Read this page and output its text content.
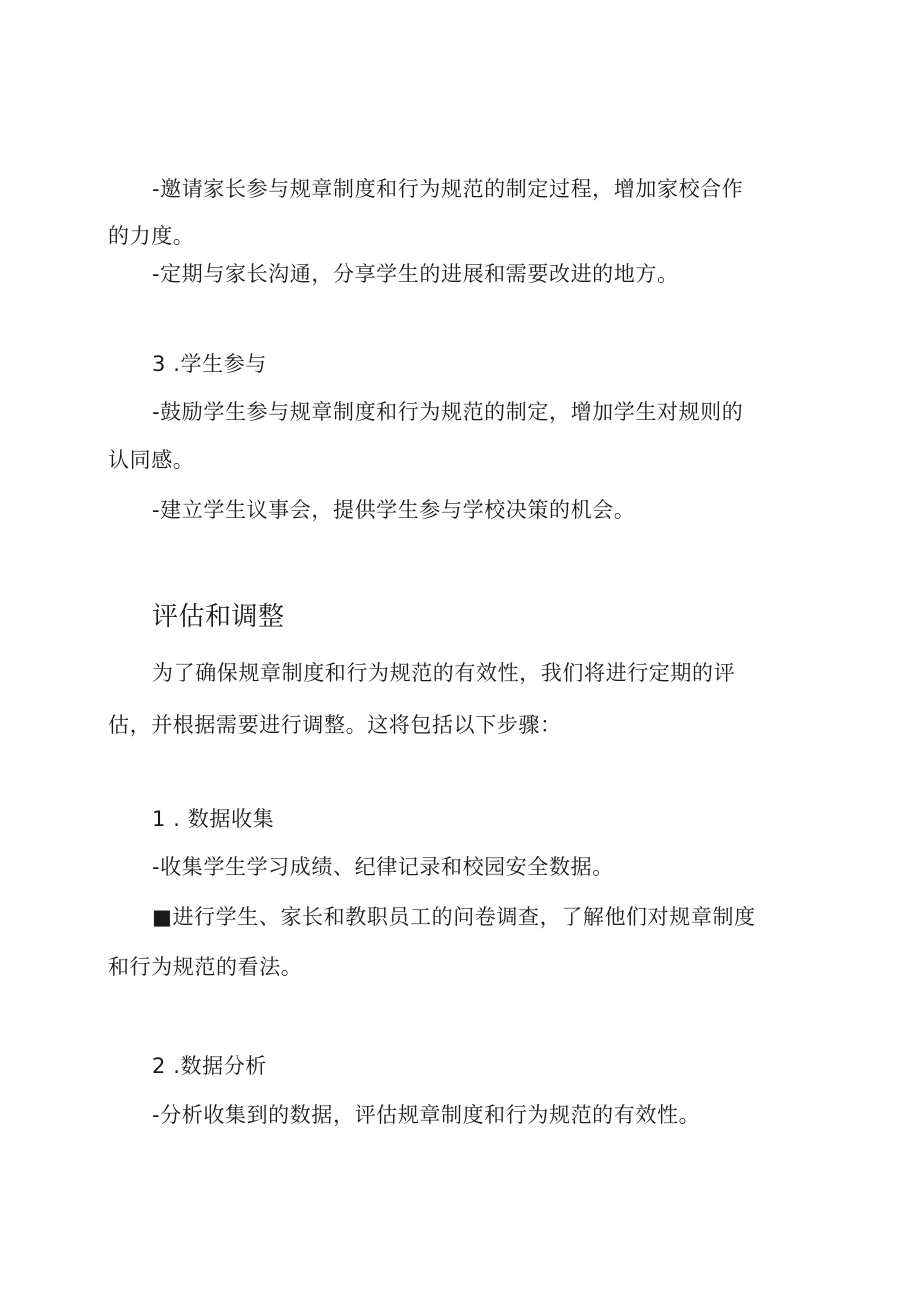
-邀请家长参与规章制度和行为规范的制定过程，增加家校合作
的力度。
-定期与家长沟通，分享学生的进展和需要改进的地方。
3 .学生参与
-鼓励学生参与规章制度和行为规范的制定，增加学生对规则的
认同感。
-建立学生议事会，提供学生参与学校决策的机会。
评估和调整
为了确保规章制度和行为规范的有效性，我们将进行定期的评
估，并根据需要进行调整。这将包括以下步骤：
1 . 数据收集
-收集学生学习成绩、纪律记录和校园安全数据。
■进行学生、家长和教职员工的问卷调查，了解他们对规章制度
和行为规范的看法。
2 .数据分析
-分析收集到的数据，评估规章制度和行为规范的有效性。
